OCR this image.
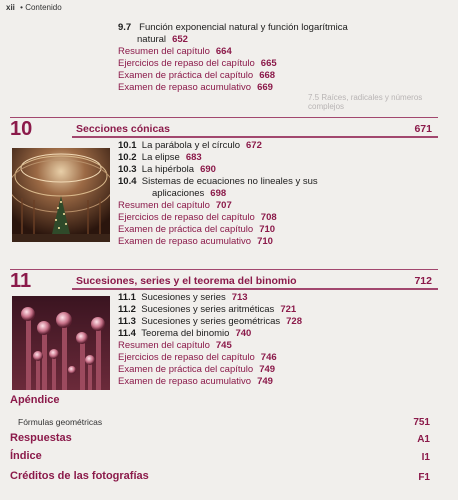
xii • Contenido
7.5 Raíces, radicales y números complejos
9.7 Función exponencial natural y función logarítmica
natural 652
Resumen del capítulo 664
Ejercicios de repaso del capítulo 665
Examen de práctica del capítulo 668
Examen de repaso acumulativo 669
10	Secciones cónicas	671
10.1 La parábola y el círculo 672
10.2 La elipse 683
10.3 La hipérbola 690
10.4 Sistemas de ecuaciones no lineales y sus
aplicaciones 698
Resumen del capítulo 707
Ejercicios de repaso del capítulo 708
Examen de práctica del capítulo 710
Examen de repaso acumulativo 710
11	Sucesiones, series y el teorema del binomio	712
11.1 Sucesiones y series 713
11.2 Sucesiones y series aritméticas 721
11.3 Sucesiones y series geométricas 728
11.4 Teorema del binomio 740
Resumen del capítulo 745
Ejercicios de repaso del capítulo 746
Examen de práctica del capítulo 749
Examen de repaso acumulativo 749
Apéndice
Fórmulas geométricas	751
Respuestas	A1
Índice	I1
Créditos de las fotografías	F1
